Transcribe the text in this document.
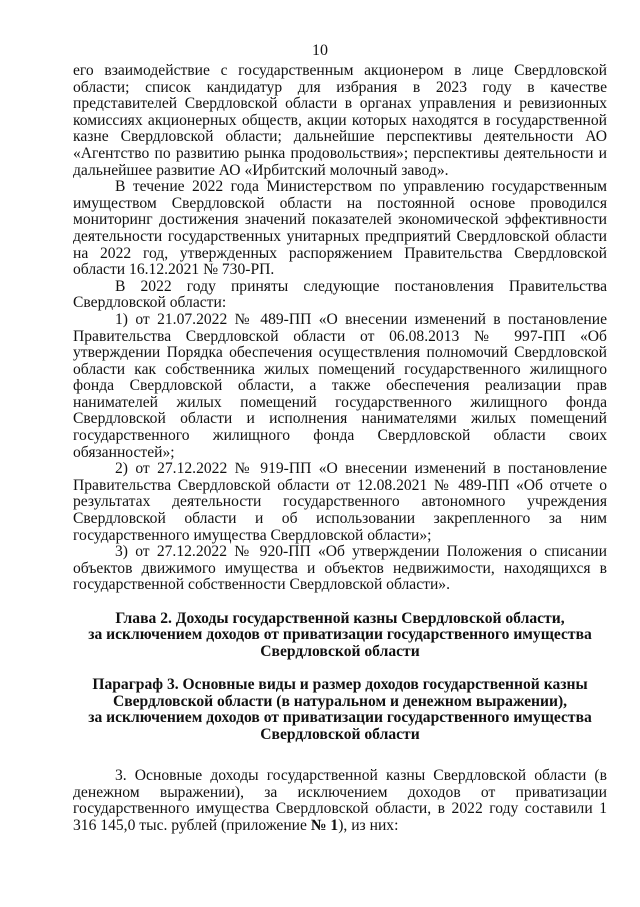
10

его взаимодействие с государственным акционером в лице Свердловской области; список кандидатур для избрания в 2023 году в качестве представителей Свердловской области в органах управления и ревизионных комиссиях акционерных обществ, акции которых находятся в государственной казне Свердловской области; дальнейшие перспективы деятельности АО «Агентство по развитию рынка продовольствия»; перспективы деятельности и дальнейшее развитие АО «Ирбитский молочный завод».

В течение 2022 года Министерством по управлению государственным имуществом Свердловской области на постоянной основе проводился мониторинг достижения значений показателей экономической эффективности деятельности государственных унитарных предприятий Свердловской области на 2022 год, утвержденных распоряжением Правительства Свердловской области 16.12.2021 № 730-РП.

В 2022 году приняты следующие постановления Правительства Свердловской области:

1) от 21.07.2022 № 489-ПП «О внесении изменений в постановление Правительства Свердловской области от 06.08.2013 № 997-ПП «Об утверждении Порядка обеспечения осуществления полномочий Свердловской области как собственника жилых помещений государственного жилищного фонда Свердловской области, а также обеспечения реализации прав нанимателей жилых помещений государственного жилищного фонда Свердловской области и исполнения нанимателями жилых помещений государственного жилищного фонда Свердловской области своих обязанностей»;

2) от 27.12.2022 № 919-ПП «О внесении изменений в постановление Правительства Свердловской области от 12.08.2021 № 489-ПП «Об отчете о результатах деятельности государственного автономного учреждения Свердловской области и об использовании закрепленного за ним государственного имущества Свердловской области»;

3) от 27.12.2022 № 920-ПП «Об утверждении Положения о списании объектов движимого имущества и объектов недвижимости, находящихся в государственной собственности Свердловской области».

Глава 2. Доходы государственной казны Свердловской области,
за исключением доходов от приватизации государственного имущества
Свердловской области
Параграф 3. Основные виды и размер доходов государственной казны
Свердловской области (в натуральном и денежном выражении),
за исключением доходов от приватизации государственного имущества
Свердловской области

3. Основные доходы государственной казны Свердловской области (в денежном выражении), за исключением доходов от приватизации государственного имущества Свердловской области, в 2022 году составили 1 316 145,0 тыс. рублей (приложение № 1), из них:
